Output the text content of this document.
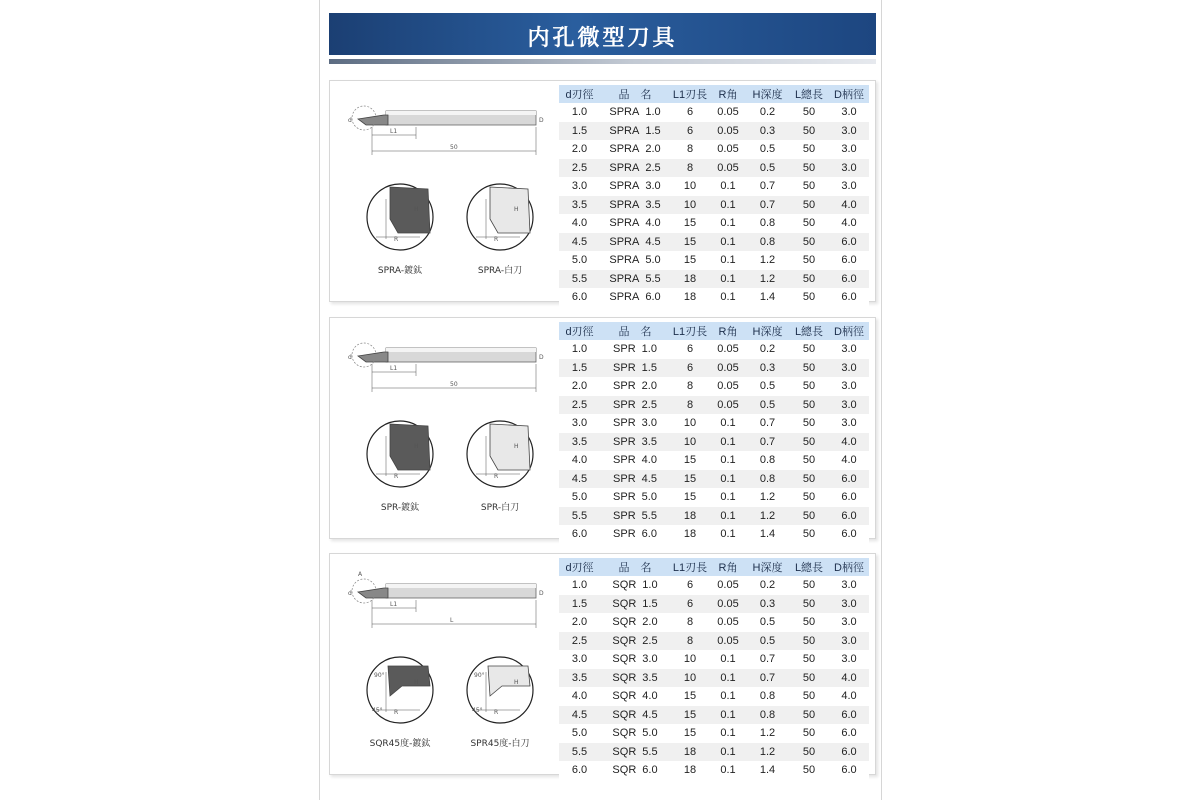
内孔微型刀具
L1
50
d	D
H
R
SPRA-鍍鈦
H
R
SPRA-白刀
d刃徑	品　名	L1刃長	R角	H深度	L總長	D柄徑
1.0	SPRA 1.0	6	0.05	0.2	50	3.0
1.5	SPRA 1.5	6	0.05	0.3	50	3.0
2.0	SPRA 2.0	8	0.05	0.5	50	3.0
2.5	SPRA 2.5	8	0.05	0.5	50	3.0
3.0	SPRA 3.0	10	0.1	0.7	50	3.0
3.5	SPRA 3.5	10	0.1	0.7	50	4.0
4.0	SPRA 4.0	15	0.1	0.8	50	4.0
4.5	SPRA 4.5	15	0.1	0.8	50	6.0
5.0	SPRA 5.0	15	0.1	1.2	50	6.0
5.5	SPRA 5.5	18	0.1	1.2	50	6.0
6.0	SPRA 6.0	18	0.1	1.4	50	6.0
L1
50
d	D
H
R
SPR-鍍鈦
H
R
SPR-白刀
d刃徑	品　名	L1刃長	R角	H深度	L總長	D柄徑
1.0	SPR 1.0	6	0.05	0.2	50	3.0
1.5	SPR 1.5	6	0.05	0.3	50	3.0
2.0	SPR 2.0	8	0.05	0.5	50	3.0
2.5	SPR 2.5	8	0.05	0.5	50	3.0
3.0	SPR 3.0	10	0.1	0.7	50	3.0
3.5	SPR 3.5	10	0.1	0.7	50	4.0
4.0	SPR 4.0	15	0.1	0.8	50	4.0
4.5	SPR 4.5	15	0.1	0.8	50	6.0
5.0	SPR 5.0	15	0.1	1.2	50	6.0
5.5	SPR 5.5	18	0.1	1.2	50	6.0
6.0	SPR 6.0	18	0.1	1.4	50	6.0
L1
L
d	D
A
90°
45°
H
R
SQR45度-鍍鈦
90°
45°
H
R
SPR45度-白刀
d刃徑	品　名	L1刃長	R角	H深度	L總長	D柄徑
1.0	SQR 1.0	6	0.05	0.2	50	3.0
1.5	SQR 1.5	6	0.05	0.3	50	3.0
2.0	SQR 2.0	8	0.05	0.5	50	3.0
2.5	SQR 2.5	8	0.05	0.5	50	3.0
3.0	SQR 3.0	10	0.1	0.7	50	3.0
3.5	SQR 3.5	10	0.1	0.7	50	4.0
4.0	SQR 4.0	15	0.1	0.8	50	4.0
4.5	SQR 4.5	15	0.1	0.8	50	6.0
5.0	SQR 5.0	15	0.1	1.2	50	6.0
5.5	SQR 5.5	18	0.1	1.2	50	6.0
6.0	SQR 6.0	18	0.1	1.4	50	6.0
